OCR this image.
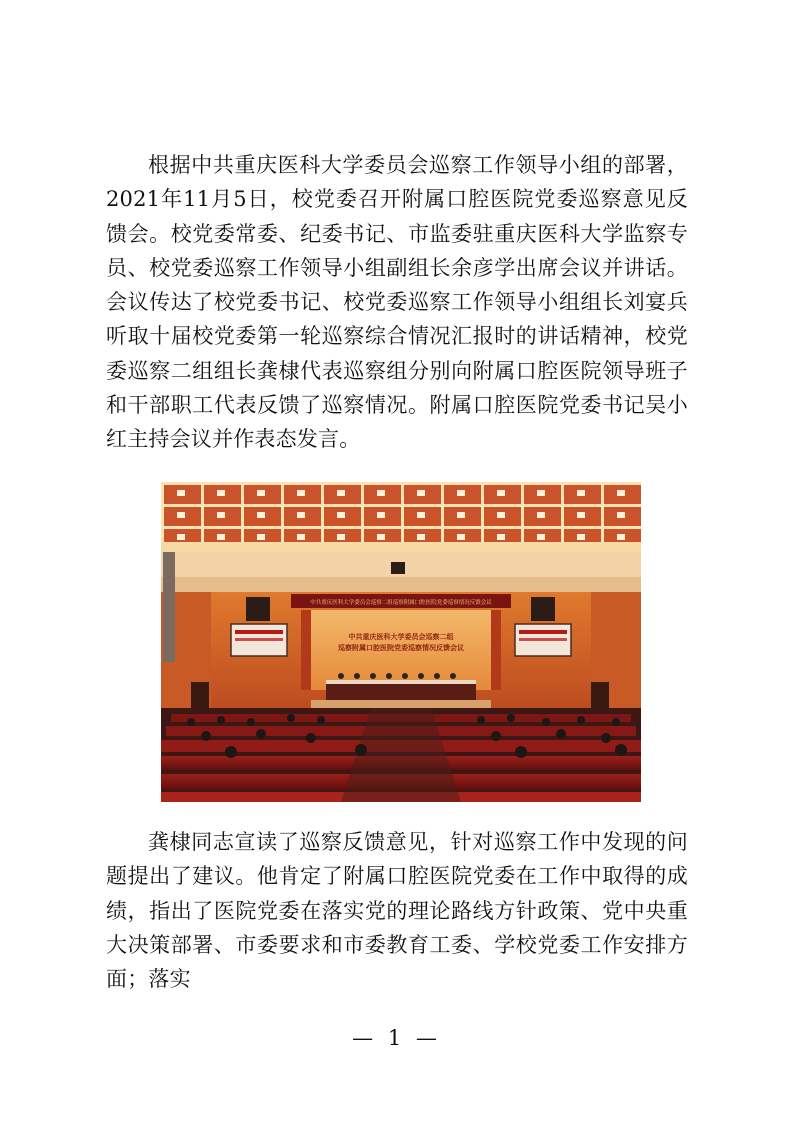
根据中共重庆医科大学委员会巡察工作领导小组的部署，2021年11月5日，校党委召开附属口腔医院党委巡察意见反馈会。校党委常委、纪委书记、市监委驻重庆医科大学监察专员、校党委巡察工作领导小组副组长余彦学出席会议并讲话。会议传达了校党委书记、校党委巡察工作领导小组组长刘宴兵听取十届校党委第一轮巡察综合情况汇报时的讲话精神，校党委巡察二组组长龚棣代表巡察组分别向附属口腔医院领导班子和干部职工代表反馈了巡察情况。附属口腔医院党委书记吴小红主持会议并作表态发言。

中共重庆医科大学委员会巡察二组巡察附属口腔医院党委巡察情况反馈会议
中共重庆医科大学委员会巡察二组
巡察附属口腔医院党委巡察情况反馈会议

龚棣同志宣读了巡察反馈意见，针对巡察工作中发现的问题提出了建议。他肯定了附属口腔医院党委在工作中取得的成绩，指出了医院党委在落实党的理论路线方针政策、党中央重大决策部署、市委要求和市委教育工委、学校党委工作安排方面；落实

— 1 —
